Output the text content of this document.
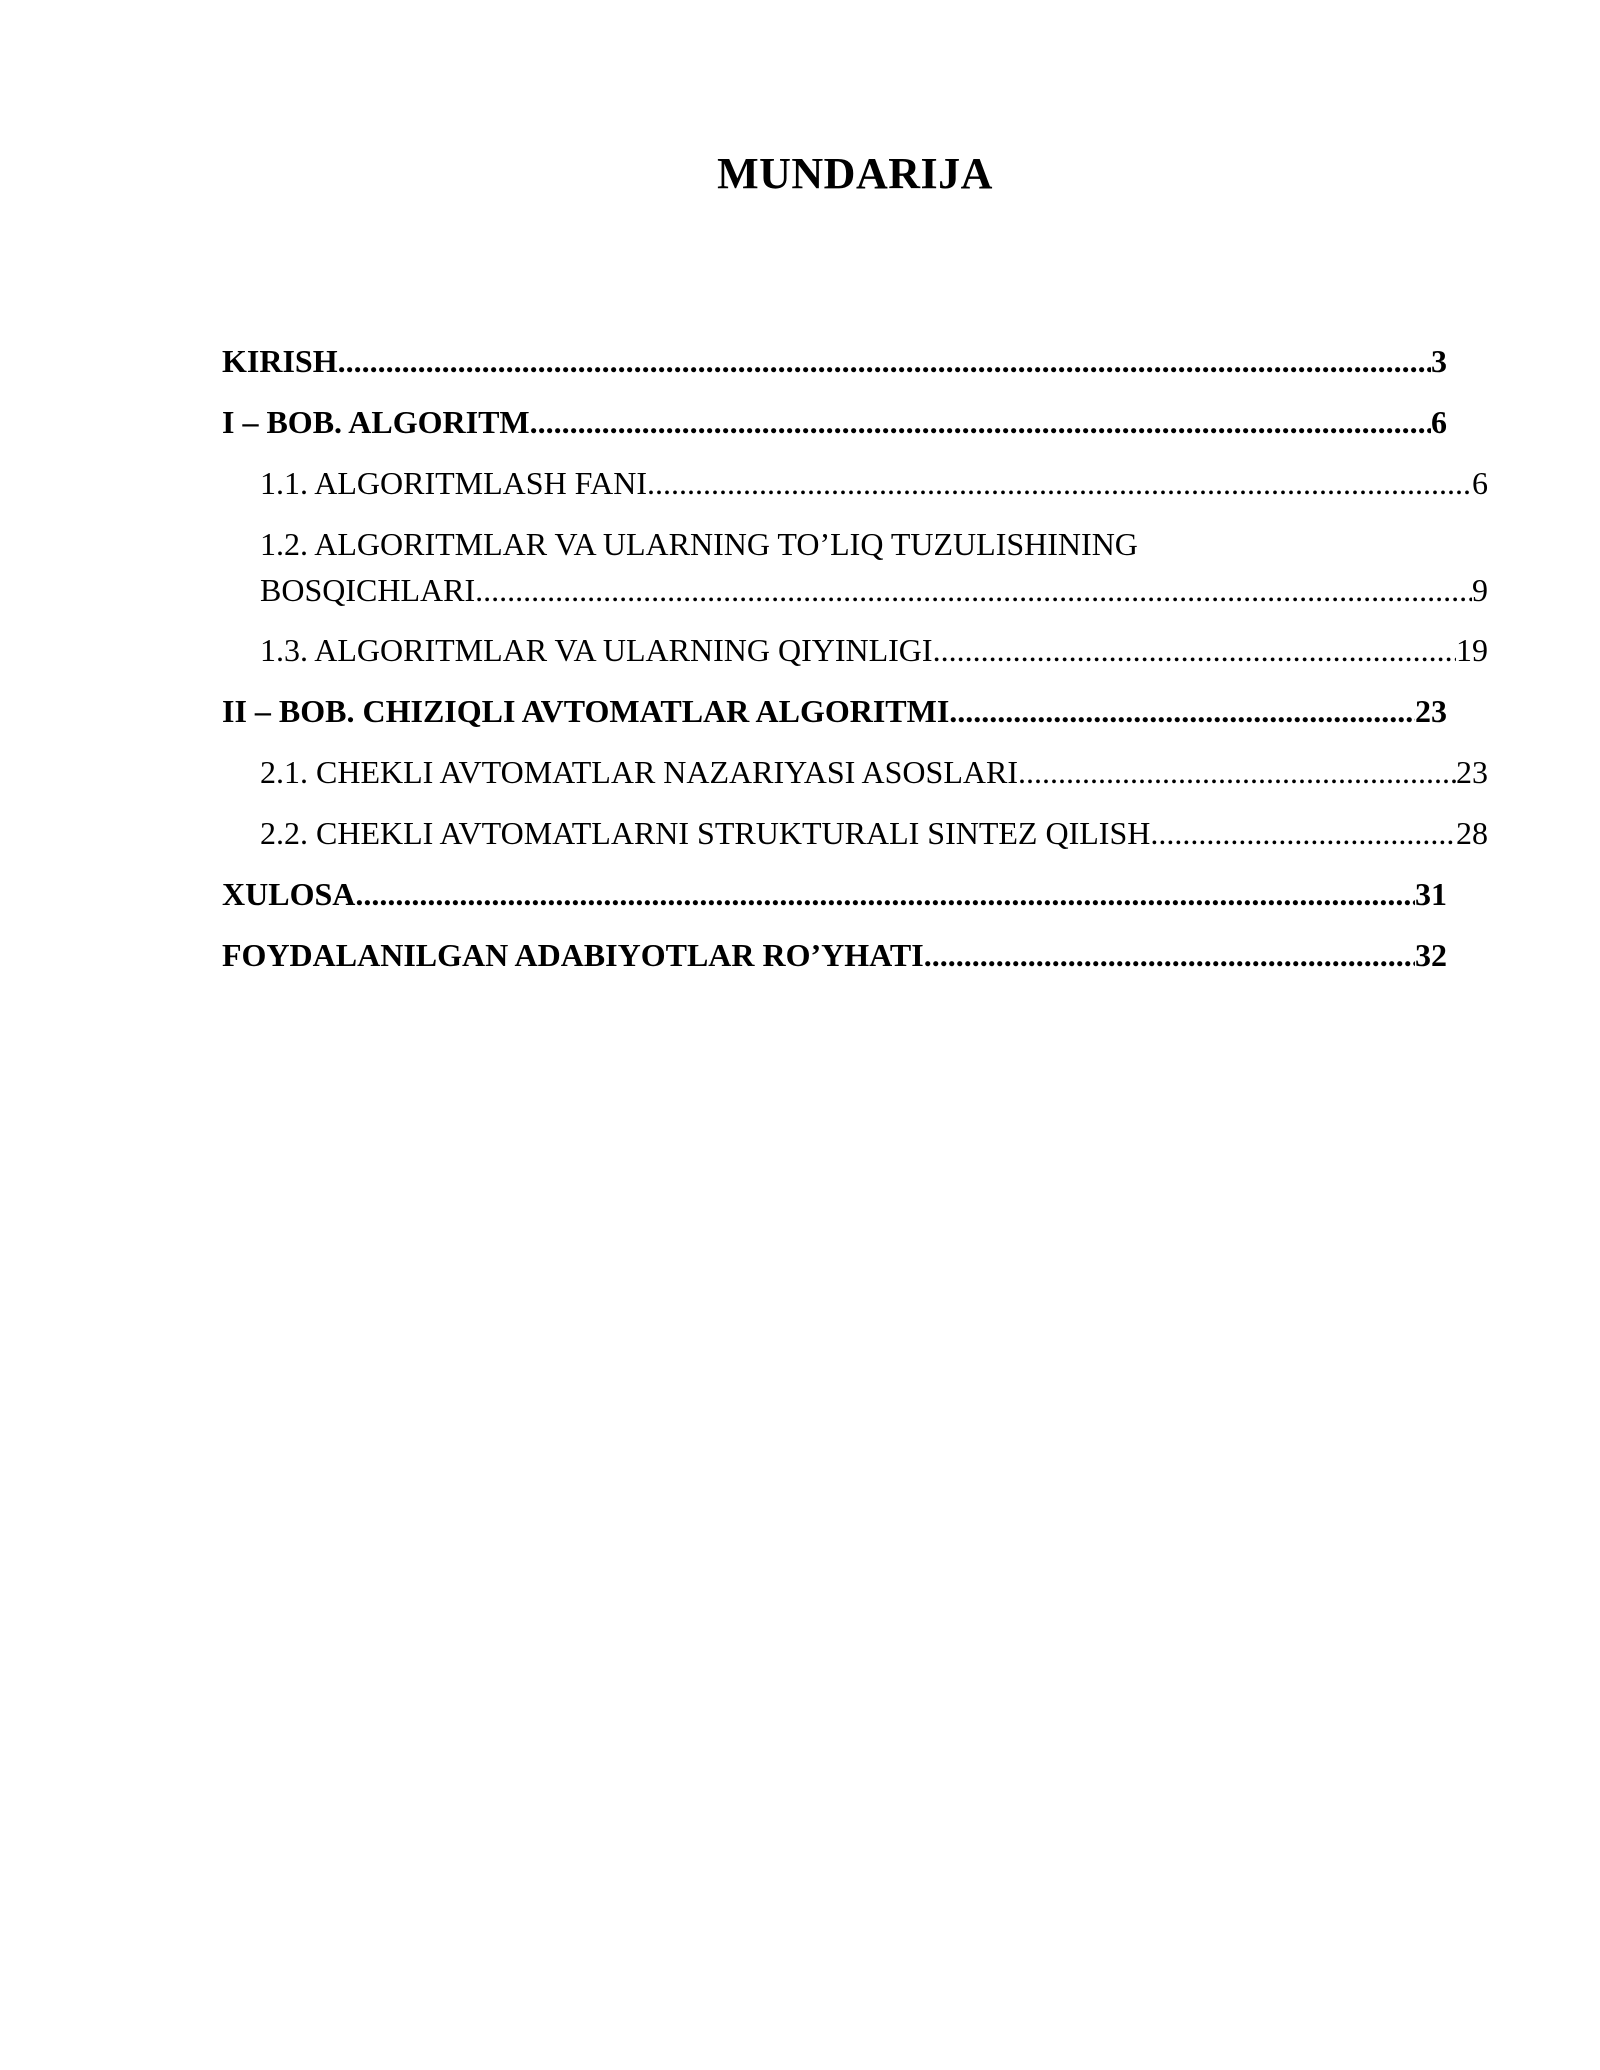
MUNDARIJA
KIRISH .....	3
I – BOB. ALGORITM .....	6
1.1. ALGORITMLASH FANI .....	6
1.2. ALGORITMLAR VA ULARNING TO’LIQ TUZULISHINING
BOSQICHLARI .....	9
1.3. ALGORITMLAR VA ULARNING QIYINLIGI .....	19
II – BOB. CHIZIQLI AVTOMATLAR ALGORITMI .....	23
2.1. CHEKLI AVTOMATLAR NAZARIYASI ASOSLARI .....	23
2.2. CHEKLI AVTOMATLARNI STRUKTURALI SINTEZ QILISH .....	28
XULOSA .....	31
FOYDALANILGAN ADABIYOTLAR RO’YHATI .....	32
